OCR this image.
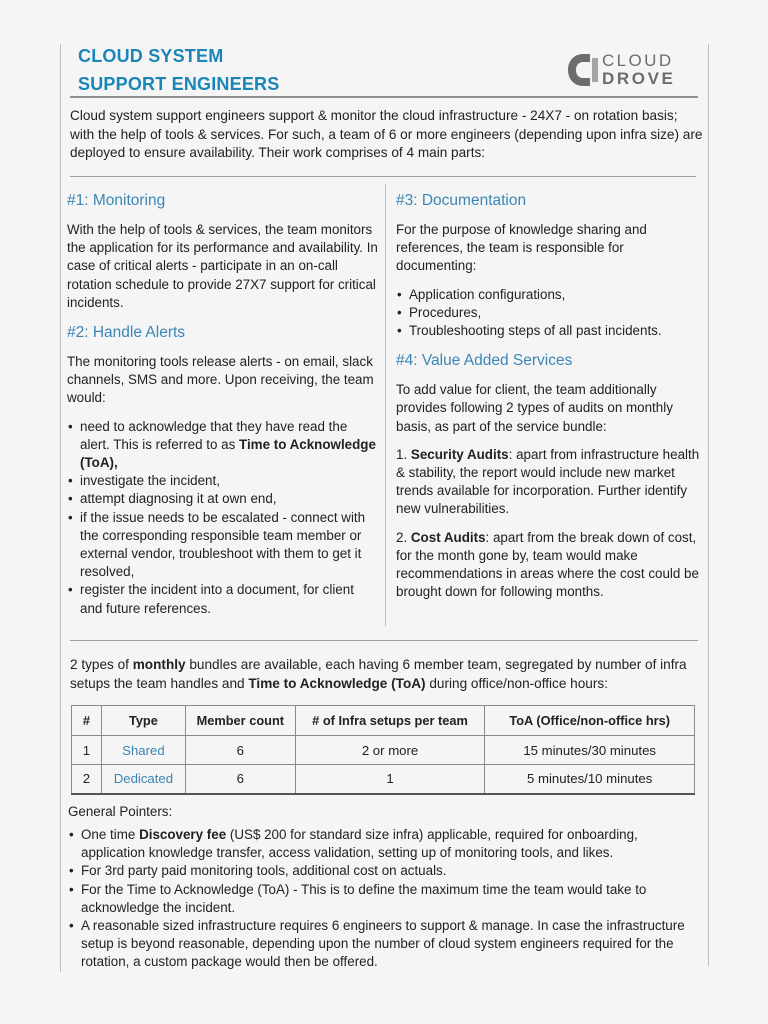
CLOUD SYSTEM
SUPPORT ENGINEERS
CLOUD
DROVE

Cloud system support engineers support & monitor the cloud infrastructure - 24X7 - on rotation basis; with the help of tools & services. For such, a team of 6 or more engineers (depending upon infra size) are deployed to ensure availability. Their work comprises of 4 main parts:

#1: Monitoring

With the help of tools & services, the team monitors the application for its performance and availability. In case of critical alerts - participate in an on-call rotation schedule to provide 27X7 support for critical incidents.

#2: Handle Alerts

The monitoring tools release alerts - on email, slack channels, SMS and more. Upon receiving, the team would:

• need to acknowledge that they have read the alert. This is referred to as Time to Acknowledge (ToA),
• investigate the incident,
• attempt diagnosing it at own end,
• if the issue needs to be escalated - connect with the corresponding responsible team member or external vendor, troubleshoot with them to get it resolved,
• register the incident into a document, for client and future references.
#3: Documentation

For the purpose of knowledge sharing and references, the team is responsible for documenting:

• Application configurations,
• Procedures,
• Troubleshooting steps of all past incidents.
#4: Value Added Services

To add value for client, the team additionally provides following 2 types of audits on monthly basis, as part of the service bundle:

1. Security Audits: apart from infrastructure health & stability, the report would include new market trends available for incorporation. Further identify new vulnerabilities.

2. Cost Audits: apart from the break down of cost, for the month gone by, team would make recommendations in areas where the cost could be brought down for following months.

2 types of monthly bundles are available, each having 6 member team, segregated by number of infra setups the team handles and Time to Acknowledge (ToA) during office/non-office hours:

#	Type	Member count	# of Infra setups per team	ToA (Office/non-office hrs)
1	Shared	6	2 or more	15 minutes/30 minutes
2	Dedicated	6	1	5 minutes/10 minutes
General Pointers:
• One time Discovery fee (US$ 200 for standard size infra) applicable, required for onboarding, application knowledge transfer, access validation, setting up of monitoring tools, and likes.
• For 3rd party paid monitoring tools, additional cost on actuals.
• For the Time to Acknowledge (ToA) - This is to define the maximum time the team would take to acknowledge the incident.
• A reasonable sized infrastructure requires 6 engineers to support & manage. In case the infrastructure setup is beyond reasonable, depending upon the number of cloud system engineers required for the rotation, a custom package would then be offered.
